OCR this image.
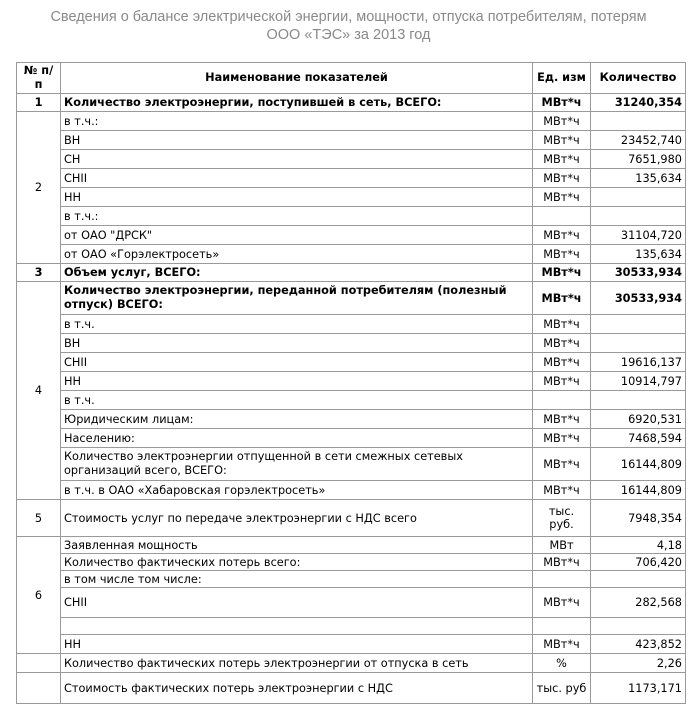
Сведения о балансе электрической энергии, мощности, отпуска потребителям, потерям
ООО «ТЭС» за 2013 год
№ п/п	Наименование показателей	Ед. изм	Количество
1	Количество электроэнергии, поступившей в сеть, ВСЕГО:	МВт*ч	31240,354
2	в т.ч.:	МВт*ч	
	ВН	МВт*ч	23452,740
	СН	МВт*ч	7651,980
	СНII	МВт*ч	135,634
	НН	МВт*ч	
	в т.ч.:		
	от ОАО "ДРСК"	МВт*ч	31104,720
	от ОАО «Горэлектросеть»	МВт*ч	135,634
3	Объем услуг, ВСЕГО:	МВт*ч	30533,934
4	Количество электроэнергии, переданной потребителям (полезный отпуск) ВСЕГО:	МВт*ч	30533,934
	в т.ч.	МВт*ч	
	ВН	МВт*ч	
	СНII	МВт*ч	19616,137
	НН	МВт*ч	10914,797
	в т.ч.		
	Юридическим лицам:	МВт*ч	6920,531
	Населению:	МВт*ч	7468,594
	Количество электроэнергии отпущенной в сети смежных сетевых организаций всего, ВСЕГО:	МВт*ч	16144,809
	в т.ч. в ОАО «Хабаровская горэлектросеть»	МВт*ч	16144,809
5	Стоимость услуг по передаче электроэнергии с НДС всего	тыс. руб.	7948,354
6	Заявленная мощность	МВт	4,18
	Количество фактических потерь всего:	МВт*ч	706,420
	в том числе том числе:		
	СНII	МВт*ч	282,568

	НН	МВт*ч	423,852
	Количество фактических потерь электроэнергии от отпуска в сеть	%	2,26
	Стоимость фактических потерь электроэнергии с НДС	тыс. руб	1173,171
